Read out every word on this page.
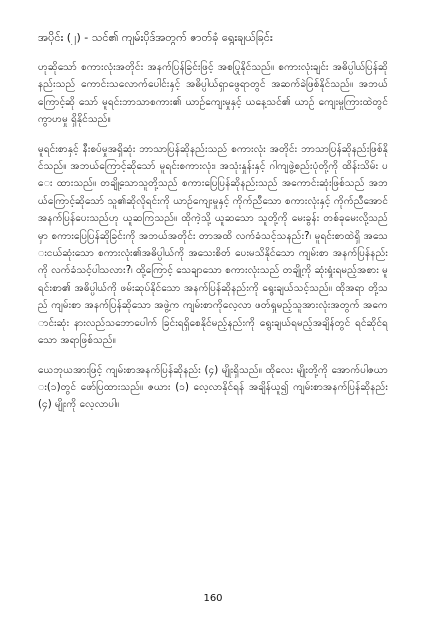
အပိုင်း (၂) - သင်၏ ကျမ်းပိုဒ်အတွက် ဇာတ်ခုံ ရွေးချယ်ခြင်း

ဟုဆိုသော် စကားလုံးအတိုင်း အနက်ပြန်ခြင်းဖြင့် အစပြုနိုင်သည်။ စကားလုံးချင်း အဓိပ္ပါယ်ပြန်ဆိုနည်းသည် ကောင်းသလောက်ပေါင်းနှင့် အဓိပ္ပါယ်ရှာဖွေရာတွင် အဆက်ခဲဖြစ်နိုင်သည်။ အဘယ်ကြောင့်ဆို သော် မူရင်းဘာသာစကား၏ ယာဉ်ကျေးမှုနှင့် ယနေ့သင်၏ ယာဉ် ကျေးမှုကြားထဲတွင် ကွာဟမှု ရှိနိုင်သည်။

မူရင်းစာနှင့် နီးစပ်မှုအရှိဆုံး ဘာသာပြန်ဆိုနည်းသည် စကားလုံး အတိုင်း ဘာသာပြန်ဆိုနည်းဖြစ်နိုင်သည်။ အဘယ်ကြောင့်ဆိုသော် မူရင်းစကားလုံး၊ အသုံးနှုန်းနှင့် ဂါကျဖွဲ့စည်းပုံတို့ကို ထိန်းသိမ်း ပေး ထားသည်။ တချို့သောသူတို့သည် စကားပြေပြန်ဆိုနည်းသည် အကောင်းဆုံးဖြစ်သည် အဘယ်ကြောင့်ဆိုသော် သူ၏ဆိုလိုရင်းကို ယာဉ်ကျေးမှုနှင့် ကိုက်ညီသော စကားလုံးနှင့် ကိုက်ညီအောင် အနက်ပြန်ပေးသည်ဟု ယူဆကြသည်။ ထိုကဲ့သို့ ယူဆသော သူတို့ကို မေးခွန်း တစ်ခုမေးလို့သည်မှာ စကားပြေပြန်ဆိုခြင်းကို အဘယ်အတိုင်း တာအထိ လက်ခံသင့်သနည်း?၊ မူရင်းစာထဲရှိ အသေးငယ်ဆုံးသော စကားလုံး၏အဓိပ္ပါယ်ကို အသေးစိတ် ပေးမသိနိုင်သော ကျမ်းစာ အနက်ပြန်နည်းကို လက်ခံသင့်ပါသလား?၊ ထို့ကြောင့် သေချာသော စကားလုံးသည် တချို့ကို ဆုံးရှုံးရမည့်အစား မူရင်းစာ၏ အဓိပ္ပါယ်ကို ဖမ်းဆုပ်နိုင်သော အနက်ပြန်ဆိုနည်းကို ရွေးချယ်သင့်သည်။ ထိုအရာ တို့သည် ကျမ်းစာ အနက်ပြန်ဆိုသော အဖွဲ့က ကျမ်းစာကိုလေ့လာ ဖတ်ရှုမည့်သူအားလုံးအတွက် အကောင်းဆုံး နားလည်သဘောပေါက် ခြင်းရရှိစေနိုင်မည့်နည်းကို ရွေးချယ်ရမည့်အချိန်တွင် ရင်ဆိုင်ရသော အရာဖြစ်သည်။

ယေဘုယအားဖြင့် ကျမ်းစာအနက်ပြန်ဆိုနည်း (၄) မျိုးရှိသည်။ ထိုလေး မျိုးတို့ကို အောက်ပါဇယား(၁)တွင် ဖော်ပြထားသည်။ ဇယား (၁) လေ့လာနိုင်ရန် အချိန်ယူ၍ ကျမ်းစာအနက်ပြန်ဆိုနည်း (၄) မျိုးကို လေ့လာပါ။

160
